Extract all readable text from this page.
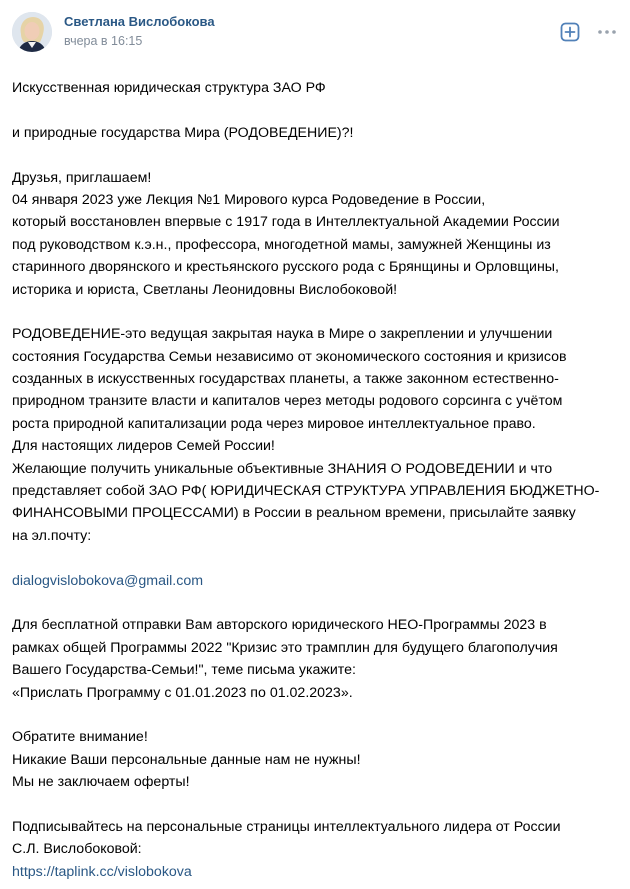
Светлана Вислобокова
вчера в 16:15
Искусственная юридическая структура ЗАО РФ
и природные государства Мира (РОДОВЕДЕНИЕ)?!
Друзья, приглашаем!
04 января 2023 уже Лекция №1 Мирового курса Родоведение в России,
который восстановлен впервые с 1917 года в Интеллектуальной Академии России
под руководством к.э.н., профессора, многодетной мамы, замужней Женщины из
старинного дворянского и крестьянского русского рода с Брянщины и Орловщины,
историка и юриста, Светланы Леонидовны Вислобоковой!
РОДОВЕДЕНИЕ-это ведущая закрытая наука в Мире о закреплении и улучшении
состояния Государства Семьи независимо от экономического состояния и кризисов
созданных в искусственных государствах планеты, а также законном естественно-
природном транзите власти и капиталов через методы родового сорсинга с учётом
роста природной капитализации рода через мировое интеллектуальное право.
Для настоящих лидеров Семей России!
Желающие получить уникальные объективные ЗНАНИЯ О РОДОВЕДЕНИИ и что
представляет собой ЗАО РФ( ЮРИДИЧЕСКАЯ СТРУКТУРА УПРАВЛЕНИЯ БЮДЖЕТНО-
ФИНАНСОВЫМИ ПРОЦЕССАМИ) в России в реальном времени, присылайте заявку
на эл.почту:
dialogvislobokova@gmail.com
Для бесплатной отправки Вам авторского юридического НЕО-Программы 2023 в
рамках общей Программы 2022 "Кризис это трамплин для будущего благополучия
Вашего Государства-Семьи!", теме письма укажите:
«Прислать Программу с 01.01.2023 по 01.02.2023».
Обратите внимание!
Никакие Ваши персональные данные нам не нужны!
Мы не заключаем оферты!
Подписывайтесь на персональные страницы интеллектуального лидера от России
С.Л. Вислобоковой:
https://taplink.cc/vislobokova
